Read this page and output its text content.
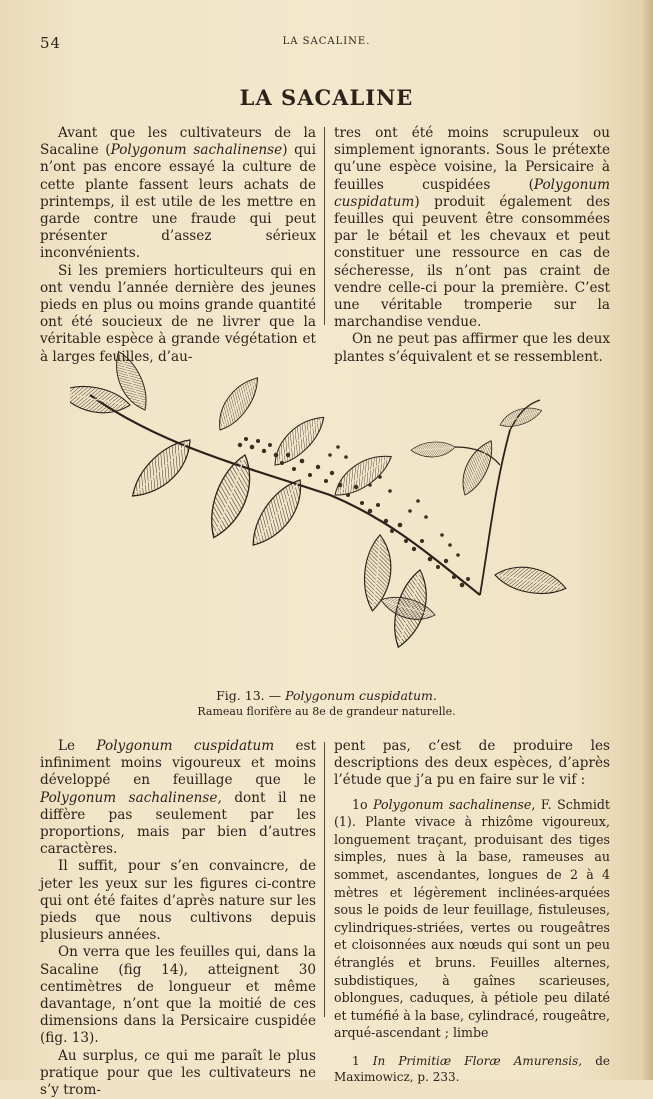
54	LA SACALINE.
LA SACALINE

Avant que les cultivateurs de la Sacaline (Polygonum sachalinense) qui n’ont pas encore essayé la culture de cette plante fassent leurs achats de printemps, il est utile de les mettre en garde contre une fraude qui peut présenter d’assez sérieux inconvénients.

Si les premiers horticulteurs qui en ont vendu l’année dernière des jeunes pieds en plus ou moins grande quantité ont été soucieux de ne livrer que la véritable espèce à grande végétation et à larges feuilles, d’au-

tres ont été moins scrupuleux ou simplement ignorants. Sous le prétexte qu’une espèce voisine, la Persicaire à feuilles cuspidées (Polygonum cuspidatum) produit également des feuilles qui peuvent être consommées par le bétail et les chevaux et peut constituer une ressource en cas de sécheresse, ils n’ont pas craint de vendre celle-ci pour la première. C’est une véritable tromperie sur la marchandise vendue.

On ne peut pas affirmer que les deux plantes s’équivalent et se ressemblent.

Fig. 13. — Polygonum cuspidatum.
Rameau florifère au 8e de grandeur naturelle.

Le Polygonum cuspidatum est infiniment moins vigoureux et moins développé en feuillage que le Polygonum sachalinense, dont il ne diffère pas seulement par les proportions, mais par bien d’autres caractères.

Il suffit, pour s’en convaincre, de jeter les yeux sur les figures ci-contre qui ont été faites d’après nature sur les pieds que nous cultivons depuis plusieurs années.

On verra que les feuilles qui, dans la Sacaline (fig 14), atteignent 30 centimètres de longueur et même davantage, n’ont que la moitié de ces dimensions dans la Persicaire cuspidée (fig. 13).

Au surplus, ce qui me paraît le plus pratique pour que les cultivateurs ne s’y trom-

pent pas, c’est de produire les descriptions des deux espèces, d’après l’étude que j’a pu en faire sur le vif :

1o Polygonum sachalinense, F. Schmidt (1). Plante vivace à rhizôme vigoureux, longuement traçant, produisant des tiges simples, nues à la base, rameuses au sommet, ascendantes, longues de 2 à 4 mètres et légèrement inclinées-arquées sous le poids de leur feuillage, fistuleuses, cylindriques-striées, vertes ou rougeâtres et cloisonnées aux nœuds qui sont un peu étranglés et bruns. Feuilles alternes, subdistiques, à gaînes scarieuses, oblongues, caduques, à pétiole peu dilaté et tuméfié à la base, cylindracé, rougeâtre, arqué-ascendant ; limbe

1 In Primitiæ Floræ Amurensis, de Maximowicz, p. 233.
